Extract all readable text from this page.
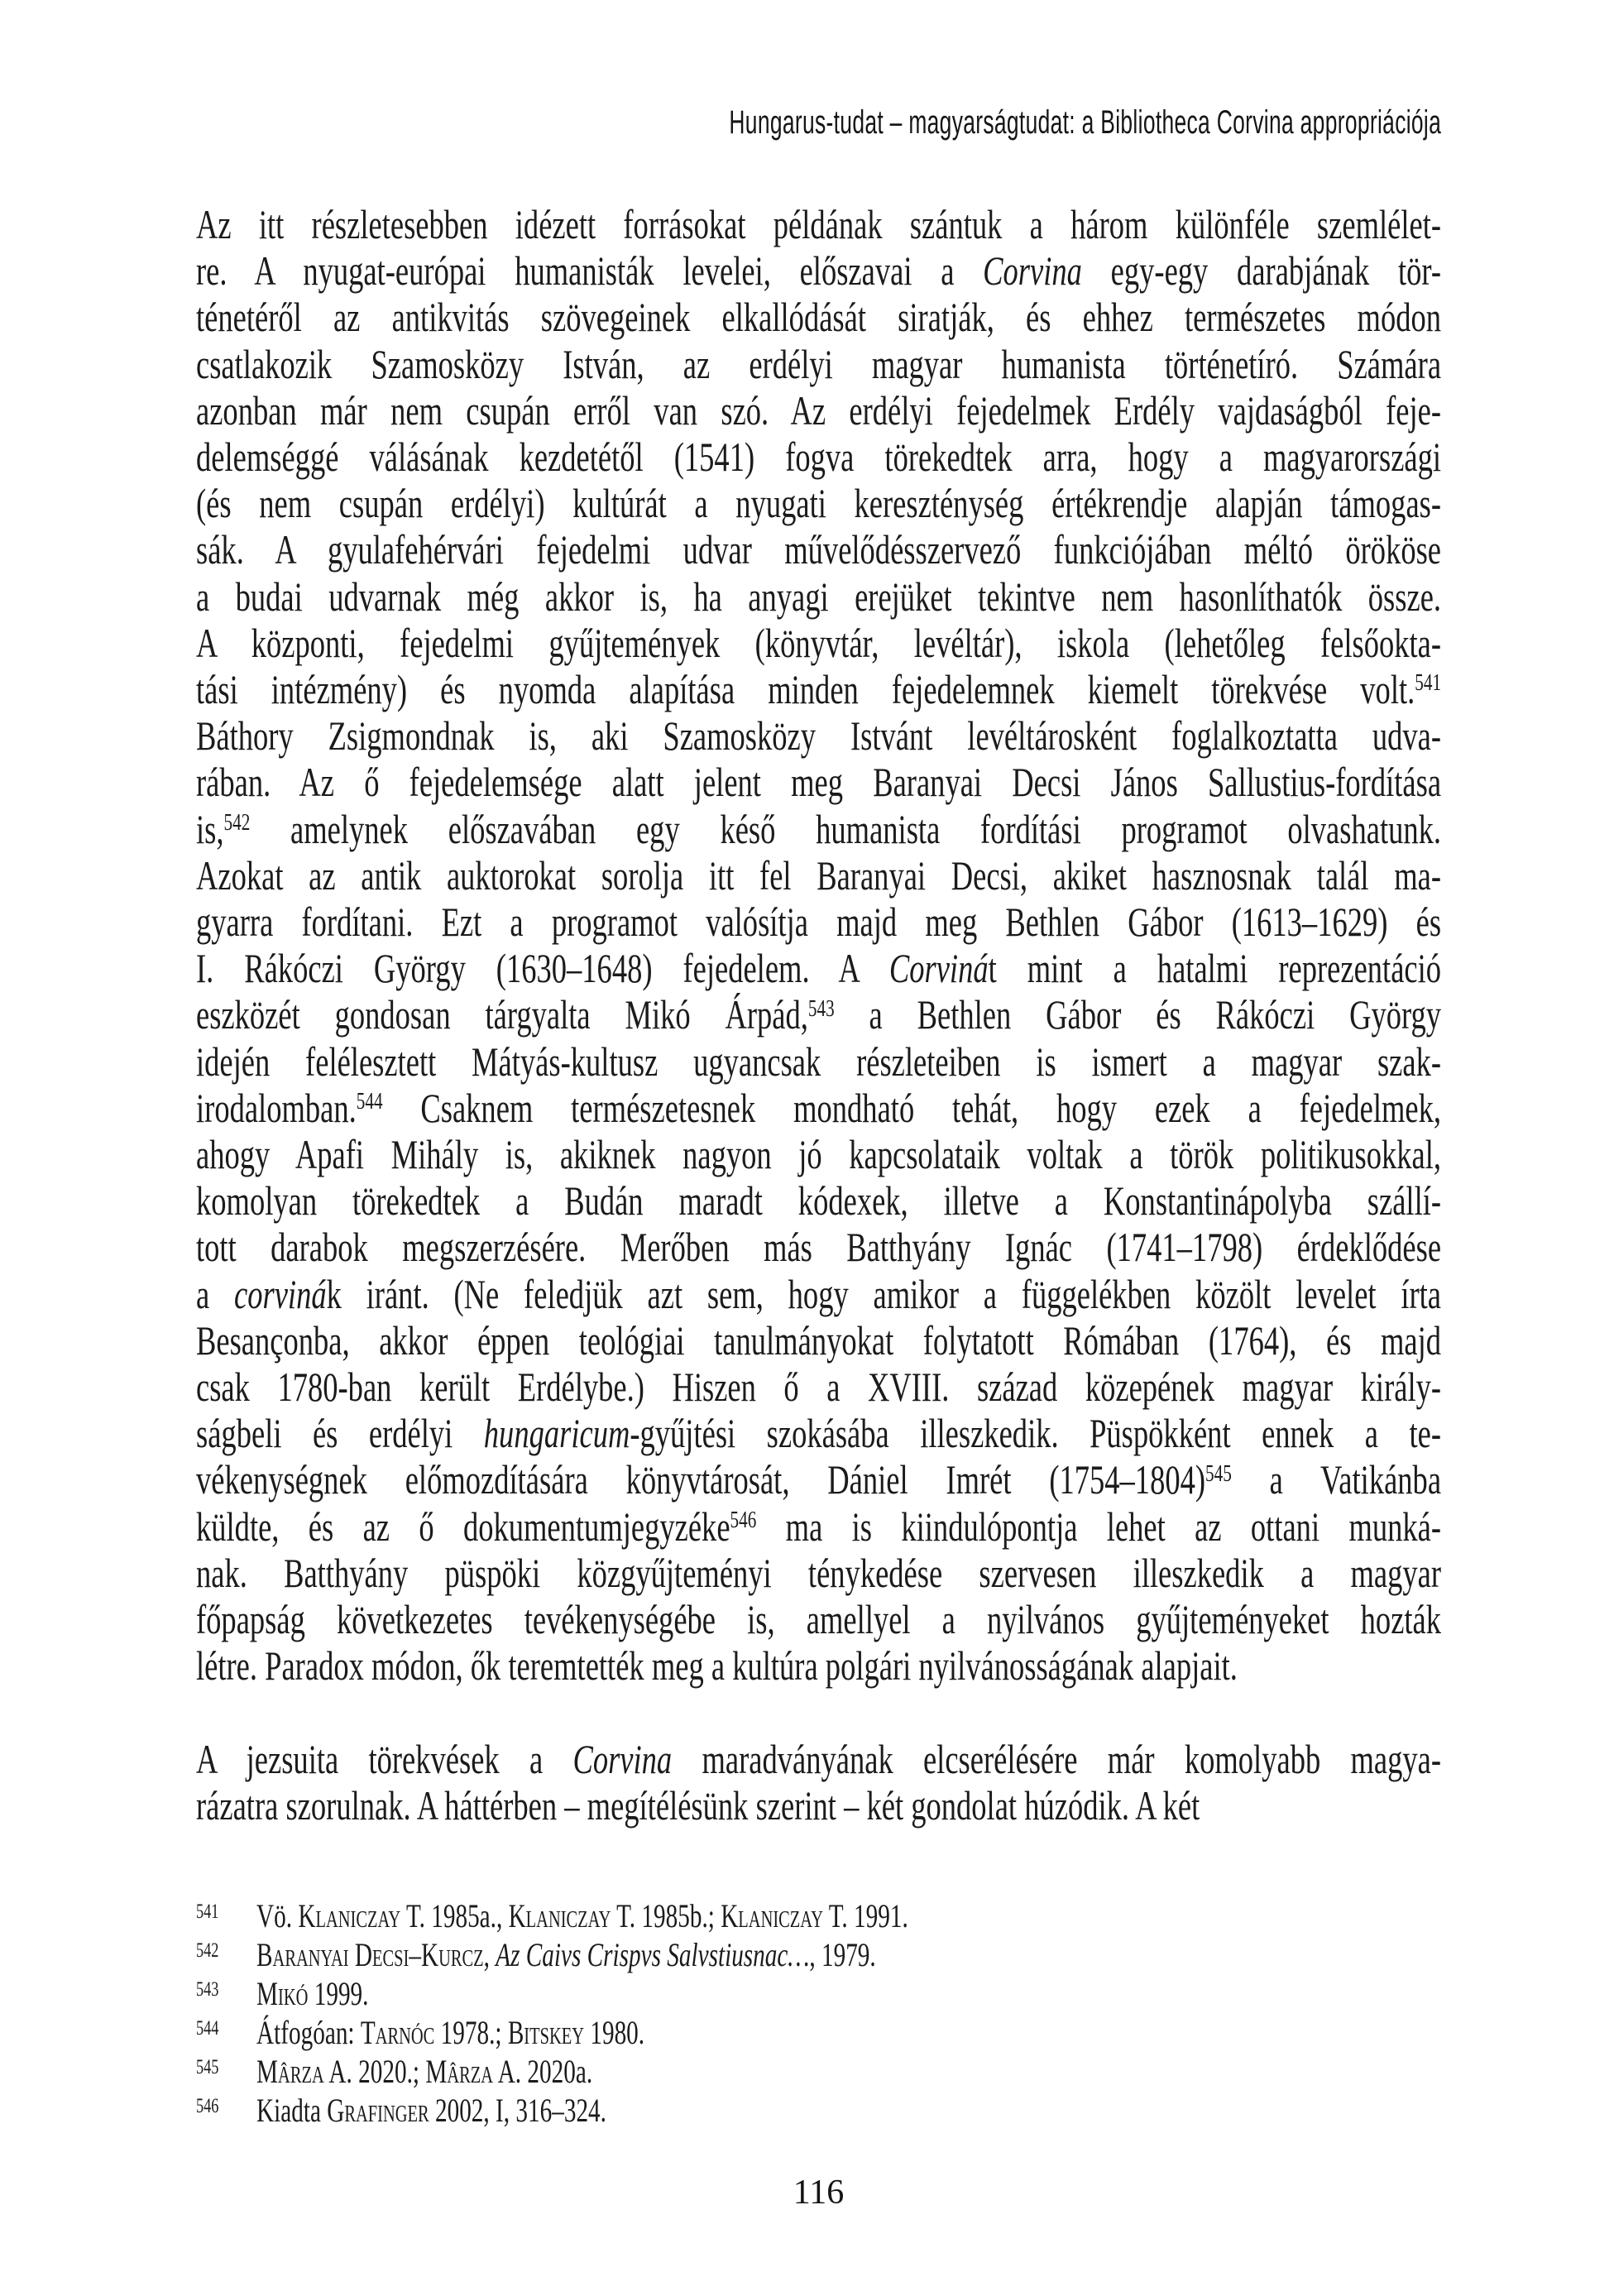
Hungarus-tudat – magyarságtudat: a Bibliotheca Corvina appropriációja
Az itt részletesebben idézett forrásokat példának szántuk a három különféle szemlélet-
re. A nyugat-európai humanisták levelei, előszavai a Corvina egy-egy darabjának tör-
ténetéről az antikvitás szövegeinek elkallódását siratják, és ehhez természetes módon
csatlakozik Szamosközy István, az erdélyi magyar humanista történetíró. Számára
azonban már nem csupán erről van szó. Az erdélyi fejedelmek Erdély vajdaságból feje-
delemséggé válásának kezdetétől (1541) fogva törekedtek arra, hogy a magyarországi
(és nem csupán erdélyi) kultúrát a nyugati kereszténység értékrendje alapján támogas-
sák. A gyulafehérvári fejedelmi udvar művelődésszervező funkciójában méltó örököse
a budai udvarnak még akkor is, ha anyagi erejüket tekintve nem hasonlíthatók össze.
A központi, fejedelmi gyűjtemények (könyvtár, levéltár), iskola (lehetőleg felsőokta-
tási intézmény) és nyomda alapítása minden fejedelemnek kiemelt törekvése volt.$^{541}$
Báthory Zsigmondnak is, aki Szamosközy Istvánt levéltárosként foglalkoztatta udva-
rában. Az ő fejedelemsége alatt jelent meg Baranyai Decsi János Sallustius-fordítása
is,$^{542}$ amelynek előszavában egy késő humanista fordítási programot olvashatunk.
Azokat az antik auktorokat sorolja itt fel Baranyai Decsi, akiket hasznosnak talál ma-
gyarra fordítani. Ezt a programot valósítja majd meg Bethlen Gábor (1613–1629) és
I. Rákóczi György (1630–1648) fejedelem. A Corvinát mint a hatalmi reprezentáció
eszközét gondosan tárgyalta Mikó Árpád,$^{543}$ a Bethlen Gábor és Rákóczi György
idején felélesztett Mátyás-kultusz ugyancsak részleteiben is ismert a magyar szak-
irodalomban.$^{544}$ Csaknem természetesnek mondható tehát, hogy ezek a fejedelmek,
ahogy Apafi Mihály is, akiknek nagyon jó kapcsolataik voltak a török politikusokkal,
komolyan törekedtek a Budán maradt kódexek, illetve a Konstantinápolyba szállí-
tott darabok megszerzésére. Merőben más Batthyány Ignác (1741–1798) érdeklődése
a corvinák iránt. (Ne feledjük azt sem, hogy amikor a függelékben közölt levelet írta
Besançonba, akkor éppen teológiai tanulmányokat folytatott Rómában (1764), és majd
csak 1780-ban került Erdélybe.) Hiszen ő a XVIII. század közepének magyar király-
ságbeli és erdélyi hungaricum-gyűjtési szokásába illeszkedik. Püspökként ennek a te-
vékenységnek előmozdítására könyvtárosát, Dániel Imrét (1754–1804)$^{545}$ a Vatikánba
küldte, és az ő dokumentumjegyzéke$^{546}$ ma is kiindulópontja lehet az ottani munká-
nak. Batthyány püspöki közgyűjteményi ténykedése szervesen illeszkedik a magyar
főpapság következetes tevékenységébe is, amellyel a nyilvános gyűjteményeket hozták
létre. Paradox módon, ők teremtették meg a kultúra polgári nyilvánosságának alapjait.
A jezsuita törekvések a Corvina maradványának elcserélésére már komolyabb magya-
rázatra szorulnak. A háttérben – megítélésünk szerint – két gondolat húzódik. A két
541 Vö. Klaniczay T. 1985a., Klaniczay T. 1985b.; Klaniczay T. 1991.
542 Baranyai Decsi–Kurcz, Az Caivs Crispvs Salvstiusnac…, 1979.
543 Mikó 1999.
544 Átfogóan: Tarnóc 1978.; Bitskey 1980.
545 Mârza A. 2020.; Mârza A. 2020a.
546 Kiadta Grafinger 2002, I, 316–324.
116
